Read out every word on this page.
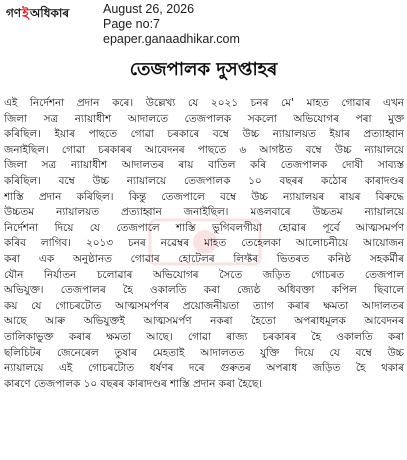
গণ ই অধিকাৰ	August 26, 2026
Page no:7
epaper.ganaadhikar.com
তেজপালক দুসপ্তাহৰ
এই নির্দেশনা প্ৰদান কৰে। উল্লেখ্য যে ২০২১ চনৰ মে' মাহত গোৱাৰ এখন
জিলা সত্ৰ ন্যায়াধীশ আদালতে তেজপালক সকলো অভিযোগৰ পৰা মুক্ত
কৰিছিল। ইয়াৰ পাছতে গোৱা চৰকাৰে বম্বে উচ্চ ন্যায়ালয়ত ইয়াৰ প্ৰত্যাহ্বান
জনাইছিল। গোৱা চৰকাৰৰ আবেদনৰ পাছতে ৬ আগষ্টত বম্বে উচ্চ ন্যায়ালয়ে
জিলা সত্ৰ ন্যায়াধীশ আদালতৰ ৰায় বাতিল কৰি তেজপালক দোষী সাব্যস্ত
কৰিছিল। বম্বে উচ্চ ন্যায়ালয়ে তেজপালক ১০ বছৰৰ কঠোৰ কাৰাদণ্ডৰ
শাস্তি প্ৰদান কৰিছিল। কিন্তু তেজপালে বম্বে উচ্চ ন্যায়ালয়ৰ ৰায়ৰ বিৰুদ্ধে
উচ্চতম ন্যায়ালয়ত প্ৰত্যাহ্বান জনাইছিল। মঙলবাৰে উচ্চতম ন্যায়ালয়ে
নির্দেশনা দিয়ে যে তেজপালে শাস্তি ভুগিবলগীয়া হোৱাৰ পূৰ্বে আত্মসমৰ্পণ
কৰিব লাগিব। ২০১৩ চনৰ নৱেম্বৰ মাহত তেহেলকা আলোচনীয়ে আয়োজন
কৰা এক অনুষ্ঠানত গোৱাৰ হোটেলৰ লিফ্টৰ ভিতৰত কনিষ্ঠ সহকৰ্মীৰ
যৌন নির্যাতন চলোৱাৰ অভিযোগৰ সৈতে জড়িত গোচৰত তেজপাল
অভিযুক্ত। তেজপালৰ হৈ ওকালতি কৰা জ্যেষ্ঠ অধিবক্তা কপিল ছিবালে
কয় যে গোচৰটোত আত্মসমৰ্পণৰ প্ৰয়োজনীয়তা ত্যাগ কৰাৰ ক্ষমতা আদালতৰ
আছে আৰু অভিযুক্তই আত্মসমৰ্পণ নকৰা হৈতো অপৰাধমূলক আবেদনৰ
তালিকাভুক্ত কৰাৰ ক্ষমতা আছে। গোৱা ৰাজ্য চৰকাৰৰ হৈ ওকালতি কৰা
ছলিচিটৰ জেনেৰেল তুষাৰ মেহতাই আদালতত যুক্তি দিয়ে যে বম্বে উচ্চ
ন্যায়ালয়ে এই গোচৰটোত ধৰ্ষণৰ দৰে গুৰুতৰ অপৰাধ জড়িত হৈ থকাৰ
কাৰণে তেজপালক ১০ বছৰৰ কাৰাদণ্ডৰ শাস্তি প্ৰদান কৰা হৈছে।
